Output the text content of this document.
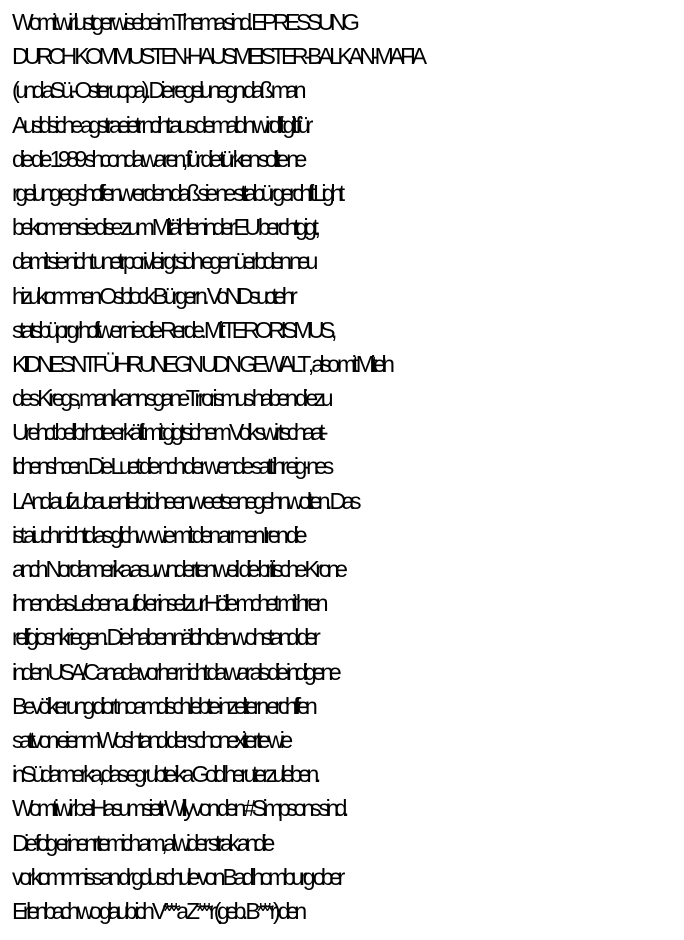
Womit wir lustgerwisebeim Thema sind. EPRESSUNG
DURCH KOMMUSTEN-HAUSMEISTER-BALKAN-MAFIA
(und aSü.-Osteruopa). Die regelunegn daß man
Ausldsiche agstraeietr nciht aus demaldn wirdft gilt für
die die 1989 shconda waren, für die türken sollte ne
rgelung egshcffenw erden daß sie ne sttabürgerchft Light
bekomen sie dise zum Mitählenindеr EU berchtgigt,
damit sie nicht unetrporivleirgt sidn egenüerbden neu
hizukommen Osblock Bürgern. VoNDsuctehr
statsbüprgrhcftwer nie die Rerde. Mit TERORISMUS,
KIDNESNTFÜHRUNEGN UDN GEWALT , also mit Miteln
des Kiregs, man kann sganeTrrorismus haben di ezu
Urehct belibrhcte erkäft mit gigtsichem Volkswirtschaat-
lichenshcen. Die Luet die nch der wende satt ihr eig-nes
LAnd aufzubauenliebridneenw eetsenegehnwolten. Das
ist aiuch nichtd as glichw  wie mit den armen Iren die
anch Nordamerika asuwnderten weil  die britische Krone
ihnen das Leben aufd er insel zur Hölle mchet mit hren
relfgiosnkriegen. Die haben nälcih denwohstand der
inden USA/Canada vorher nicht da war als die indigene
Bevölkerung diort noamdisch lebte inzeltern erchffen
sattvon eienmWoshtand der schonexiterte wie
inSüdamerka,das egrubte ika Gold heruterzuleben.
Womti wir beiHasumsietr Willy von den #Simpsons sind.
Die folg erinenrtemich am,al wider strak andie
vorkommniss an dr gduschule von Bad homburg ober
Erlenbach wo glaub ich V***a Z***r (geb. B***r) den
